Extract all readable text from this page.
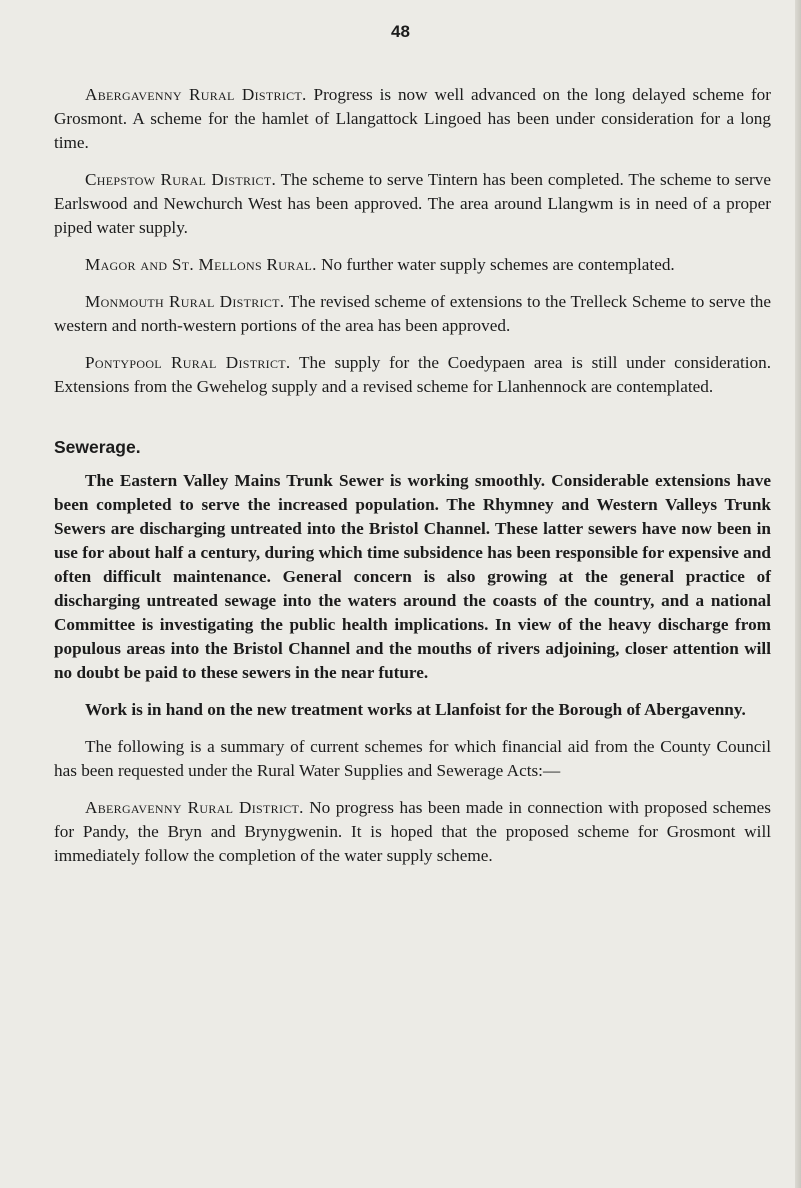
48

Abergavenny Rural District. Progress is now well advanced on the long delayed scheme for Grosmont. A scheme for the hamlet of Llangattock Lingoed has been under consideration for a long time.

Chepstow Rural District. The scheme to serve Tintern has been completed. The scheme to serve Earlswood and Newchurch West has been approved. The area around Llangwm is in need of a proper piped water supply.

Magor and St. Mellons Rural. No further water supply schemes are contemplated.

Monmouth Rural District. The revised scheme of extensions to the Trelleck Scheme to serve the western and north-western portions of the area has been approved.

Pontypool Rural District. The supply for the Coedypaen area is still under consideration. Extensions from the Gwehelog supply and a revised scheme for Llanhennock are contemplated.

Sewerage.

The Eastern Valley Mains Trunk Sewer is working smoothly. Considerable extensions have been completed to serve the increased population. The Rhymney and Western Valleys Trunk Sewers are discharging untreated into the Bristol Channel. These latter sewers have now been in use for about half a century, during which time subsidence has been responsible for expensive and often difficult maintenance. General concern is also growing at the general practice of discharging untreated sewage into the waters around the coasts of the country, and a national Committee is investigating the public health implications. In view of the heavy discharge from populous areas into the Bristol Channel and the mouths of rivers adjoining, closer attention will no doubt be paid to these sewers in the near future.

Work is in hand on the new treatment works at Llanfoist for the Borough of Abergavenny.

The following is a summary of current schemes for which financial aid from the County Council has been requested under the Rural Water Supplies and Sewerage Acts:—

Abergavenny Rural District. No progress has been made in connection with proposed schemes for Pandy, the Bryn and Brynygwenin. It is hoped that the proposed scheme for Grosmont will immediately follow the completion of the water supply scheme.
